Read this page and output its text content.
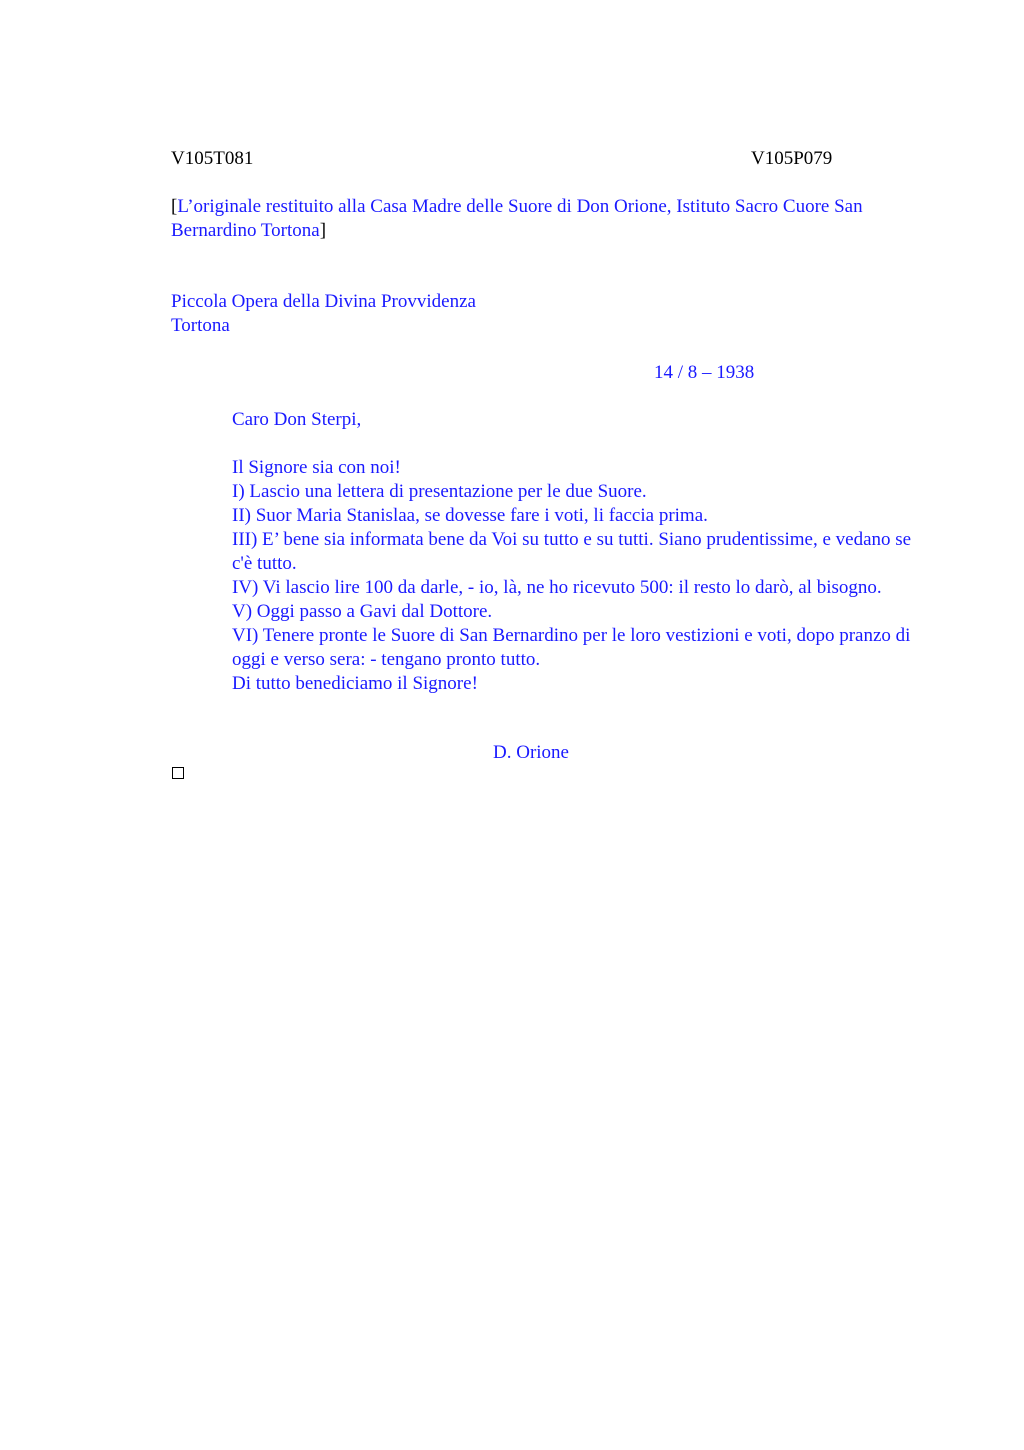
V105T081	V105P079
[L’originale restituito alla Casa Madre delle Suore di Don Orione, Istituto Sacro Cuore San Bernardino Tortona]
Piccola Opera della Divina Provvidenza
Tortona
14 / 8 – 1938
Caro Don Sterpi,

Il Signore sia con noi!

I) Lascio una lettera di presentazione per le due Suore.

II) Suor Maria Stanislaa, se dovesse fare i voti, li faccia prima.

III) E’ bene sia informata bene da Voi su tutto e su tutti. Siano prudentissime, e vedano se c'è tutto.

IV) Vi lascio lire 100 da darle, - io, là, ne ho ricevuto 500: il resto lo darò, al bisogno.

V) Oggi passo a Gavi dal Dottore.

VI) Tenere pronte le Suore di San Bernardino per le loro vestizioni e voti, dopo pranzo di oggi e verso sera: - tengano pronto tutto.

Di tutto benediciamo il Signore!

D. Orione
